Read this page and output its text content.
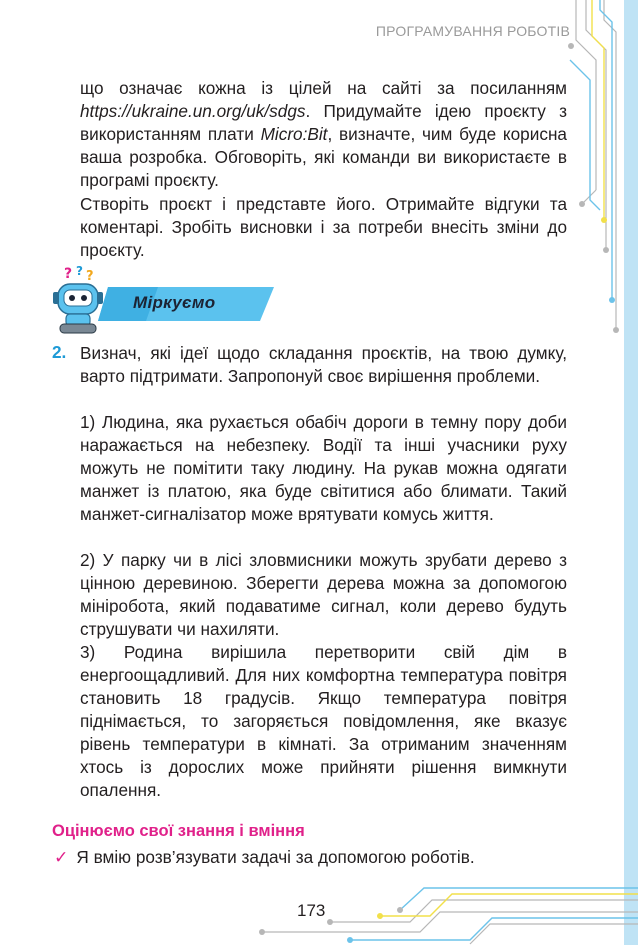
ПРОГРАМУВАННЯ РОБОТІВ

що означає кожна із цілей на сайті за посиланням https://ukraine.un.org/uk/sdgs. Придумайте ідею проєкту з використанням плати Micro:Bit, визначте, чим буде корисна ваша розробка. Обговоріть, які команди ви використаєте в програмі проєкту.

Створіть проєкт і представте його. Отримайте відгуки та коментарі. Зробіть висновки і за потреби внесіть зміни до проєкту.

? ? ?
Міркуємо
2. Визнач, які ідеї щодо складання проєктів, на твою думку, варто підтримати. Запропонуй своє вирішення проблеми.

1) Людина, яка рухається обабіч дороги в темну пору доби наражається на небезпеку. Водії та інші учасники руху можуть не помітити таку людину. На рукав можна одягати манжет із платою, яка буде світитися або блимати. Такий манжет-сигналізатор може врятувати комусь життя.

2) У парку чи в лісі зловмисники можуть зрубати дерево з цінною деревиною. Зберегти дерева можна за допомогою мініробота, який подаватиме сигнал, коли дерево будуть струшувати чи нахиляти.

3) Родина вирішила перетворити свій дім в енергоощадливий. Для них комфортна температура повітря становить 18 градусів. Якщо температура повітря піднімається, то загоряється повідомлення, яке вказує рівень температури в кімнаті. За отриманим значенням хтось із дорослих може прийняти рішення вимкнути опалення.

Оцінюємо свої знання і вміння
✓ Я вмію розв’язувати задачі за допомогою роботів.
173
